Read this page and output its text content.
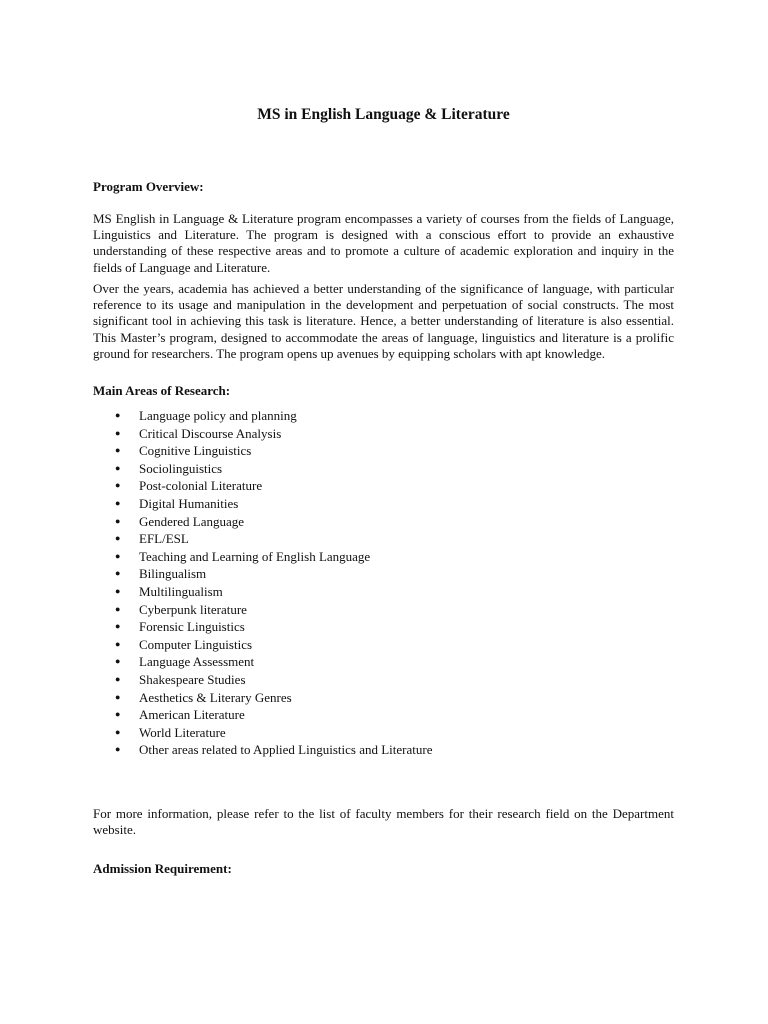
MS in English Language & Literature
Program Overview:

MS English in Language & Literature program encompasses a variety of courses from the fields of Language, Linguistics and Literature. The program is designed with a conscious effort to provide an exhaustive understanding of these respective areas and to promote a culture of academic exploration and inquiry in the fields of Language and Literature.

Over the years, academia has achieved a better understanding of the significance of language, with particular reference to its usage and manipulation in the development and perpetuation of social constructs. The most significant tool in achieving this task is literature. Hence, a better understanding of literature is also essential. This Master’s program, designed to accommodate the areas of language, linguistics and literature is a prolific ground for researchers. The program opens up avenues by equipping scholars with apt knowledge.

Main Areas of Research:
● Language policy and planning
● Critical Discourse Analysis
● Cognitive Linguistics
● Sociolinguistics
● Post-colonial Literature
● Digital Humanities
● Gendered Language
● EFL/ESL
● Teaching and Learning of English Language
● Bilingualism
● Multilingualism
● Cyberpunk literature
● Forensic Linguistics
● Computer Linguistics
● Language Assessment
● Shakespeare Studies
● Aesthetics & Literary Genres
● American Literature
● World Literature
● Other areas related to Applied Linguistics and Literature

For more information, please refer to the list of faculty members for their research field on the Department website.

Admission Requirement:
